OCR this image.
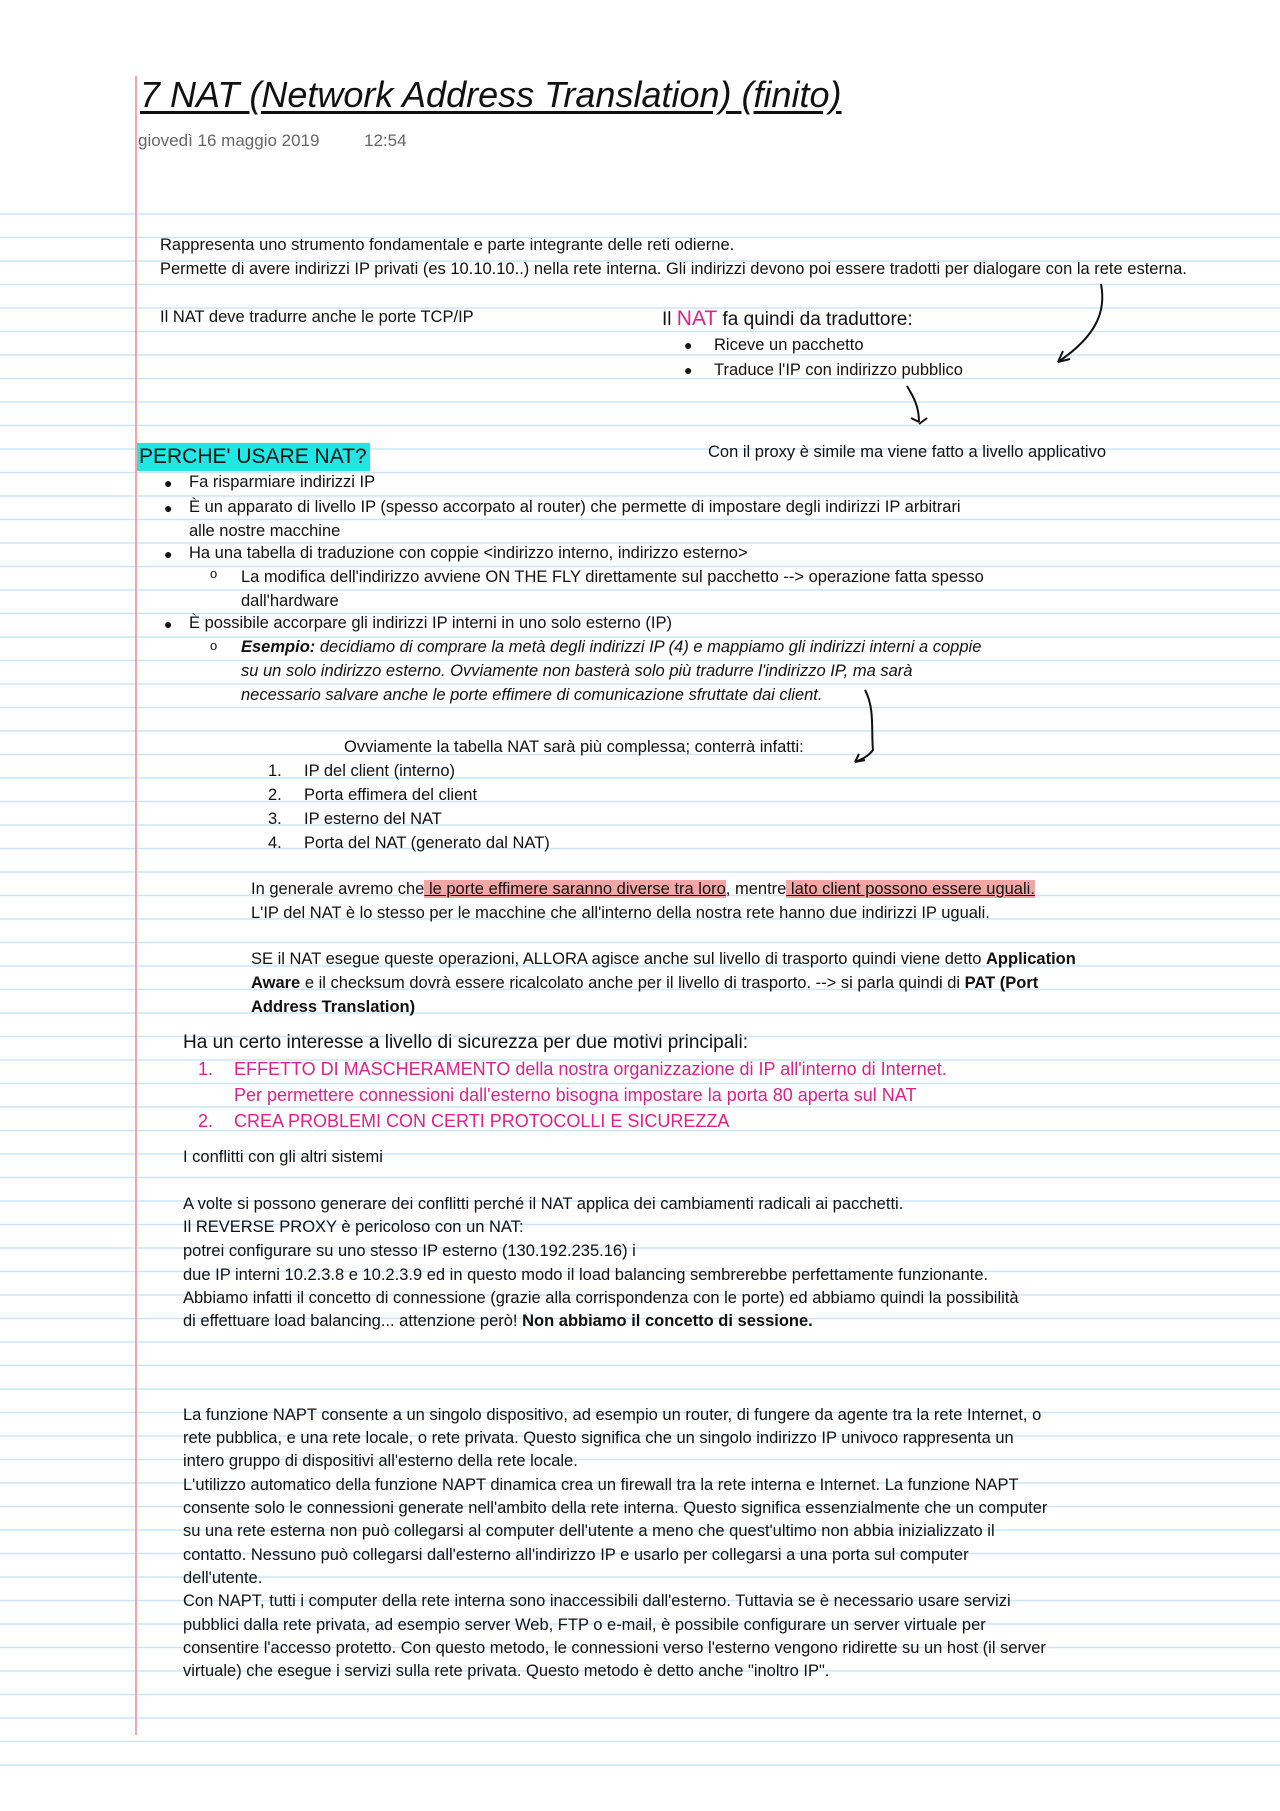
7 NAT (Network Address Translation) (finito)
giovedì 16 maggio 2019	12:54
Rappresenta uno strumento fondamentale e parte integrante delle reti odierne.
Permette di avere indirizzi IP privati (es 10.10.10..) nella rete interna. Gli indirizzi devono poi essere tradotti per dialogare con la rete esterna.
Il NAT deve tradurre anche le porte TCP/IP	Il NAT fa quindi da traduttore:
● Riceve un pacchetto
● Traduce l'IP con indirizzo pubblico
Con il proxy è simile ma viene fatto a livello applicativo
PERCHE' USARE NAT?
● Fa risparmiare indirizzi IP
● È un apparato di livello IP (spesso accorpato al router) che permette di impostare degli indirizzi IP arbitrari
alle nostre macchine
● Ha una tabella di traduzione con coppie <indirizzo interno, indirizzo esterno>
o La modifica dell'indirizzo avviene ON THE FLY direttamente sul pacchetto --> operazione fatta spesso
dall'hardware
● È possibile accorpare gli indirizzi IP interni in uno solo esterno (IP)
o Esempio: decidiamo di comprare la metà degli indirizzi IP (4) e mappiamo gli indirizzi interni a coppie
su un solo indirizzo esterno. Ovviamente non basterà solo più tradurre l'indirizzo IP, ma sarà
necessario salvare anche le porte effimere di comunicazione sfruttate dai client.
Ovviamente la tabella NAT sarà più complessa; conterrà infatti:
1. IP del client (interno)
2. Porta effimera del client
3. IP esterno del NAT
4. Porta del NAT (generato dal NAT)
In generale avremo che le porte effimere saranno diverse tra loro, mentre lato client possono essere uguali.
L'IP del NAT è lo stesso per le macchine che all'interno della nostra rete hanno due indirizzi IP uguali.
SE il NAT esegue queste operazioni, ALLORA agisce anche sul livello di trasporto quindi viene detto Application
Aware e il checksum dovrà essere ricalcolato anche per il livello di trasporto. --> si parla quindi di PAT (Port
Address Translation)
Ha un certo interesse a livello di sicurezza per due motivi principali:
1. EFFETTO DI MASCHERAMENTO della nostra organizzazione di IP all'interno di Internet.
Per permettere connessioni dall'esterno bisogna impostare la porta 80 aperta sul NAT
2. CREA PROBLEMI CON CERTI PROTOCOLLI E SICUREZZA
I conflitti con gli altri sistemi
A volte si possono generare dei conflitti perché il NAT applica dei cambiamenti radicali ai pacchetti.
Il REVERSE PROXY è pericoloso con un NAT:
potrei configurare su uno stesso IP esterno (130.192.235.16) i
due IP interni 10.2.3.8 e 10.2.3.9 ed in questo modo il load balancing sembrerebbe perfettamente funzionante.
Abbiamo infatti il concetto di connessione (grazie alla corrispondenza con le porte) ed abbiamo quindi la possibilità
di effettuare load balancing... attenzione però! Non abbiamo il concetto di sessione.
La funzione NAPT consente a un singolo dispositivo, ad esempio un router, di fungere da agente tra la rete Internet, o
rete pubblica, e una rete locale, o rete privata. Questo significa che un singolo indirizzo IP univoco rappresenta un
intero gruppo di dispositivi all'esterno della rete locale.
L'utilizzo automatico della funzione NAPT dinamica crea un firewall tra la rete interna e Internet. La funzione NAPT
consente solo le connessioni generate nell'ambito della rete interna. Questo significa essenzialmente che un computer
su una rete esterna non può collegarsi al computer dell'utente a meno che quest'ultimo non abbia inizializzato il
contatto. Nessuno può collegarsi dall'esterno all'indirizzo IP e usarlo per collegarsi a una porta sul computer
dell'utente.
Con NAPT, tutti i computer della rete interna sono inaccessibili dall'esterno. Tuttavia se è necessario usare servizi
pubblici dalla rete privata, ad esempio server Web, FTP o e-mail, è possibile configurare un server virtuale per
consentire l'accesso protetto. Con questo metodo, le connessioni verso l'esterno vengono ridirette su un host (il server
virtuale) che esegue i servizi sulla rete privata. Questo metodo è detto anche "inoltro IP".
